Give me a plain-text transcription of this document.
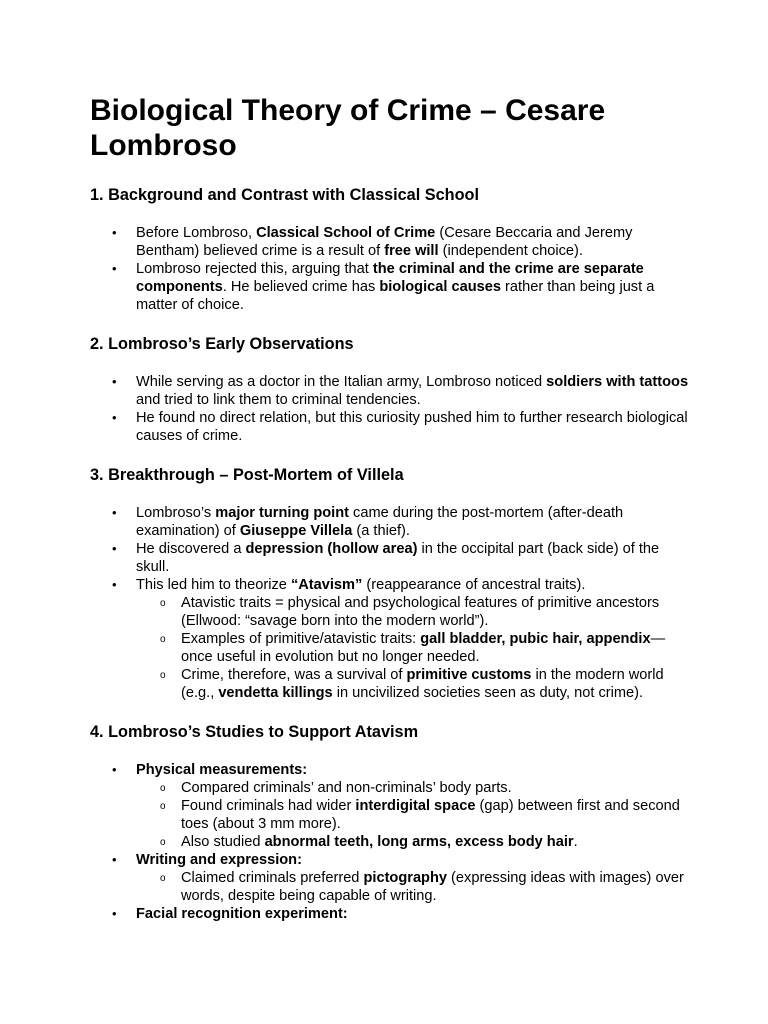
Biological Theory of Crime – Cesare Lombroso
1. Background and Contrast with Classical School
• Before Lombroso, Classical School of Crime (Cesare Beccaria and Jeremy Bentham) believed crime is a result of free will (independent choice).
• Lombroso rejected this, arguing that the criminal and the crime are separate components. He believed crime has biological causes rather than being just a matter of choice.
2. Lombroso’s Early Observations
• While serving as a doctor in the Italian army, Lombroso noticed soldiers with tattoos and tried to link them to criminal tendencies.
• He found no direct relation, but this curiosity pushed him to further research biological causes of crime.
3. Breakthrough – Post-Mortem of Villela
• Lombroso’s major turning point came during the post-mortem (after-death examination) of Giuseppe Villela (a thief).
• He discovered a depression (hollow area) in the occipital part (back side) of the skull.
• This led him to theorize “Atavism” (reappearance of ancestral traits).
o Atavistic traits = physical and psychological features of primitive ancestors (Ellwood: “savage born into the modern world”).
o Examples of primitive/atavistic traits: gall bladder, pubic hair, appendix—once useful in evolution but no longer needed.
o Crime, therefore, was a survival of primitive customs in the modern world (e.g., vendetta killings in uncivilized societies seen as duty, not crime).
4. Lombroso’s Studies to Support Atavism
• Physical measurements:
o Compared criminals’ and non-criminals’ body parts.
o Found criminals had wider interdigital space (gap) between first and second toes (about 3 mm more).
o Also studied abnormal teeth, long arms, excess body hair.
• Writing and expression:
o Claimed criminals preferred pictography (expressing ideas with images) over words, despite being capable of writing.
• Facial recognition experiment:
